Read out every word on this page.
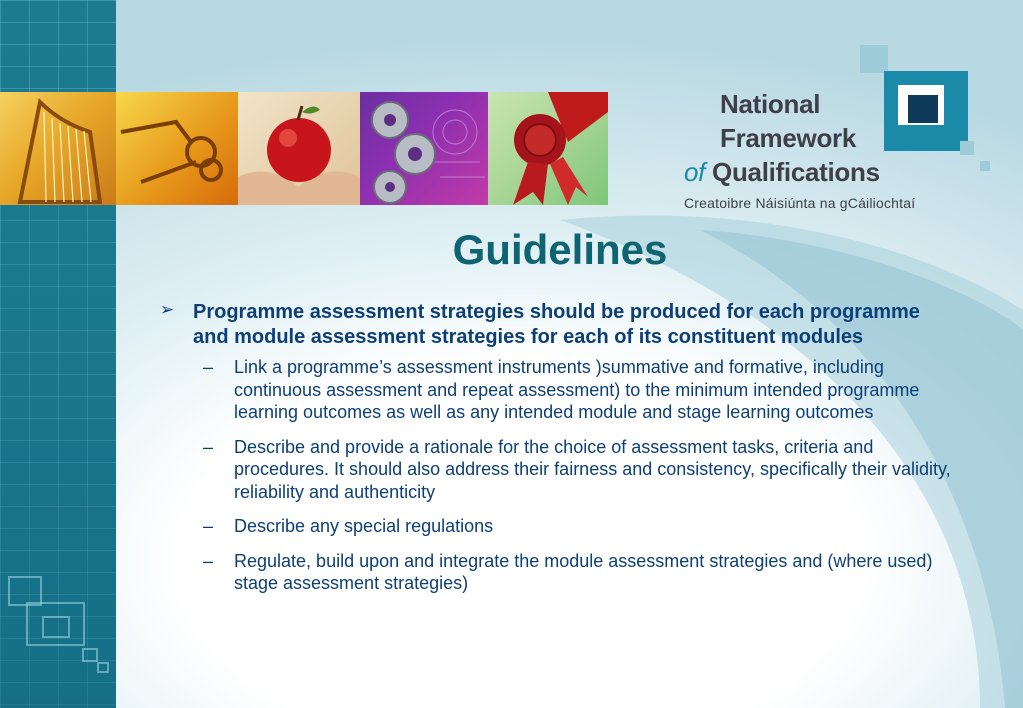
National
Framework
of Qualifications
Creatoibre Náisiúnta na gCáiliochtaí
Guidelines
➢ Programme assessment strategies should be produced for each programme and module assessment strategies for each of its constituent modules
– Link a programme’s assessment instruments )summative and formative, including continuous assessment and repeat assessment) to the minimum intended programme learning outcomes as well as any intended module and stage learning outcomes
– Describe and provide a rationale for the choice of assessment tasks, criteria and procedures. It should also address their fairness and consistency, specifically their validity, reliability and authenticity
– Describe any special regulations
– Regulate, build upon and integrate the module assessment strategies and (where used) stage assessment strategies)
